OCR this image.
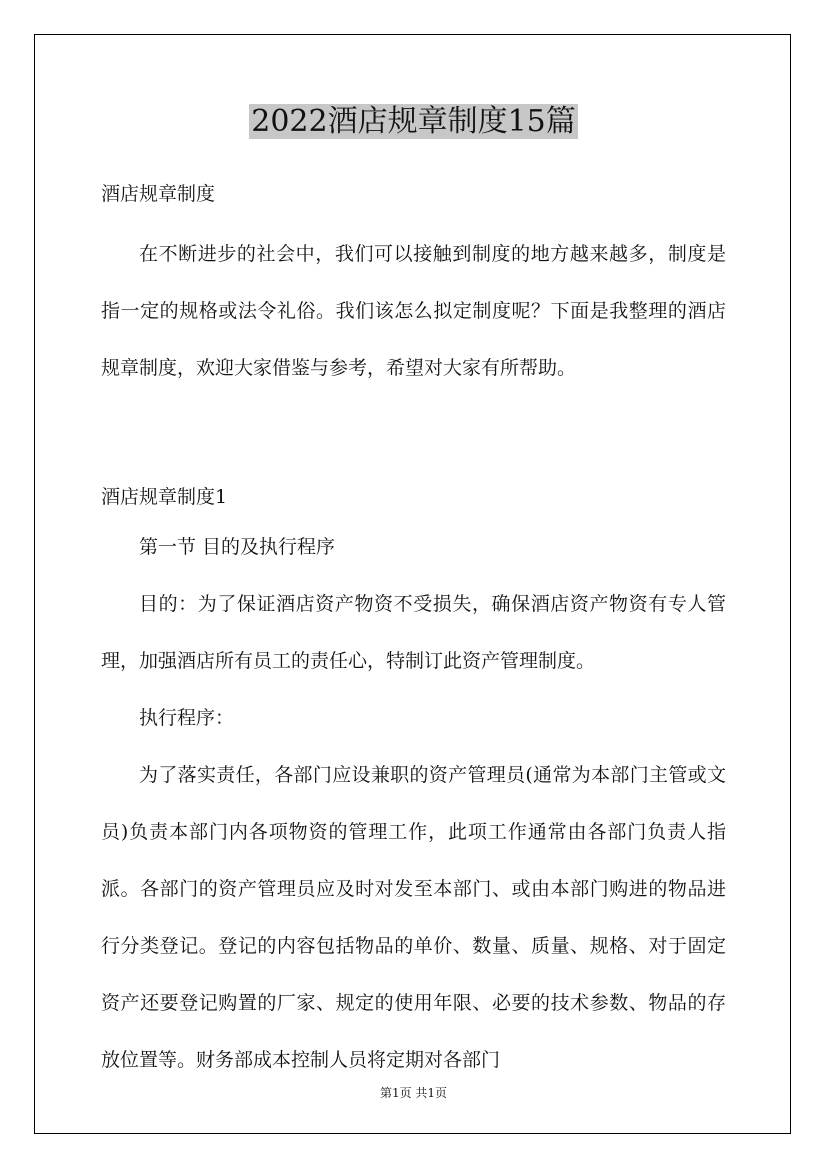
2022酒店规章制度15篇

酒店规章制度

在不断进步的社会中，我们可以接触到制度的地方越来越多，制度是指一定的规格或法令礼俗。我们该怎么拟定制度呢？下面是我整理的酒店规章制度，欢迎大家借鉴与参考，希望对大家有所帮助。

酒店规章制度1

第一节 目的及执行程序

目的：为了保证酒店资产物资不受损失，确保酒店资产物资有专人管理，加强酒店所有员工的责任心，特制订此资产管理制度。

执行程序：

为了落实责任，各部门应设兼职的资产管理员(通常为本部门主管或文员)负责本部门内各项物资的管理工作，此项工作通常由各部门负责人指派。各部门的资产管理员应及时对发至本部门、或由本部门购进的物品进行分类登记。登记的内容包括物品的单价、数量、质量、规格、对于固定资产还要登记购置的厂家、规定的使用年限、必要的技术参数、物品的存放位置等。财务部成本控制人员将定期对各部门

第1页 共1页
